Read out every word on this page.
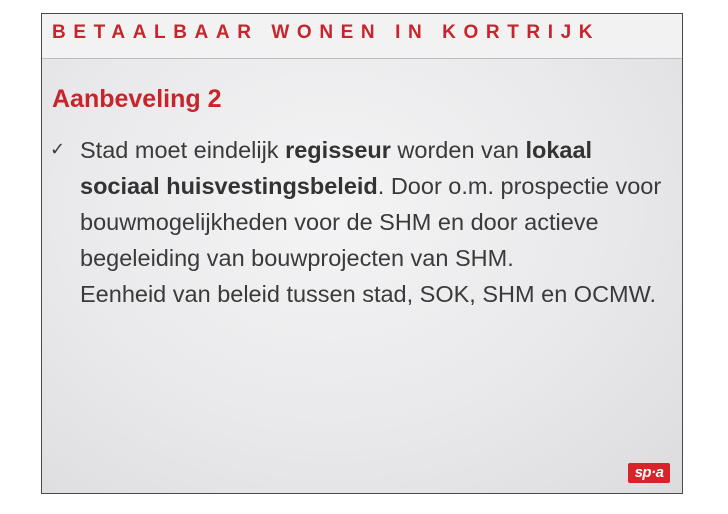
BETAALBAAR WONEN IN KORTRIJK
Aanbeveling 2
✓ Stad moet eindelijk regisseur worden van lokaal sociaal huisvestingsbeleid. Door o.m. prospectie voor bouwmogelijkheden voor de SHM en door actieve begeleiding van bouwprojecten van SHM.
Eenheid van beleid tussen stad, SOK, SHM en OCMW.
sp·a
